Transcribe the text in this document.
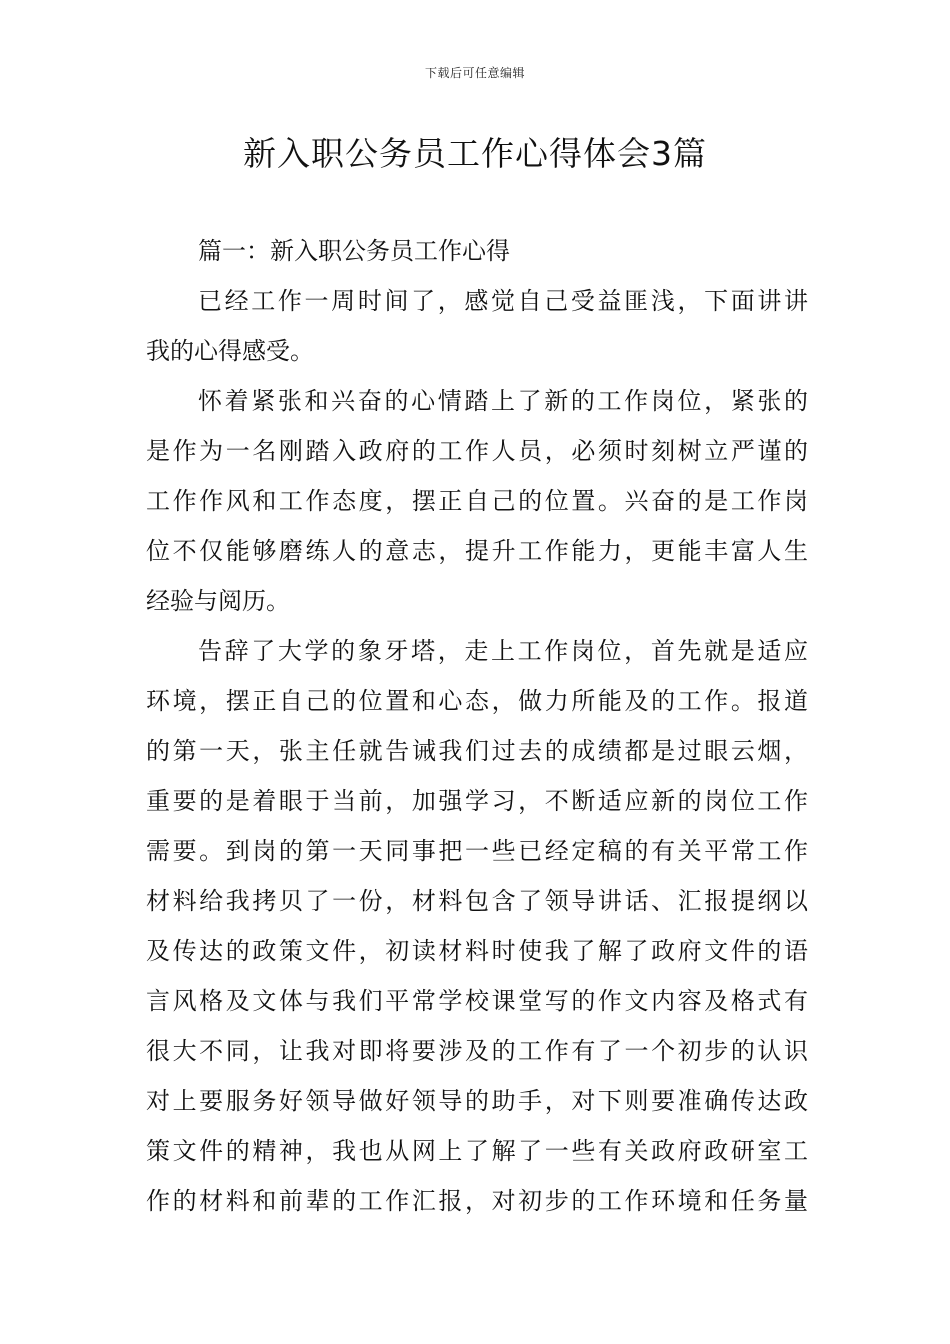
下载后可任意编辑
新入职公务员工作心得体会3篇

篇一：新入职公务员工作心得

已经工作一周时间了，感觉自己受益匪浅，下面讲讲

我的心得感受。

怀着紧张和兴奋的心情踏上了新的工作岗位，紧张的

是作为一名刚踏入政府的工作人员，必须时刻树立严谨的

工作作风和工作态度，摆正自己的位置。兴奋的是工作岗

位不仅能够磨练人的意志，提升工作能力，更能丰富人生

经验与阅历。

告辞了大学的象牙塔，走上工作岗位，首先就是适应

环境，摆正自己的位置和心态，做力所能及的工作。报道

的第一天，张主任就告诫我们过去的成绩都是过眼云烟，

重要的是着眼于当前，加强学习，不断适应新的岗位工作

需要。到岗的第一天同事把一些已经定稿的有关平常工作

材料给我拷贝了一份，材料包含了领导讲话、汇报提纲以

及传达的政策文件，初读材料时使我了解了政府文件的语

言风格及文体与我们平常学校课堂写的作文内容及格式有

很大不同，让我对即将要涉及的工作有了一个初步的认识

对上要服务好领导做好领导的助手，对下则要准确传达政

策文件的精神，我也从网上了解了一些有关政府政研室工

作的材料和前辈的工作汇报，对初步的工作环境和任务量
